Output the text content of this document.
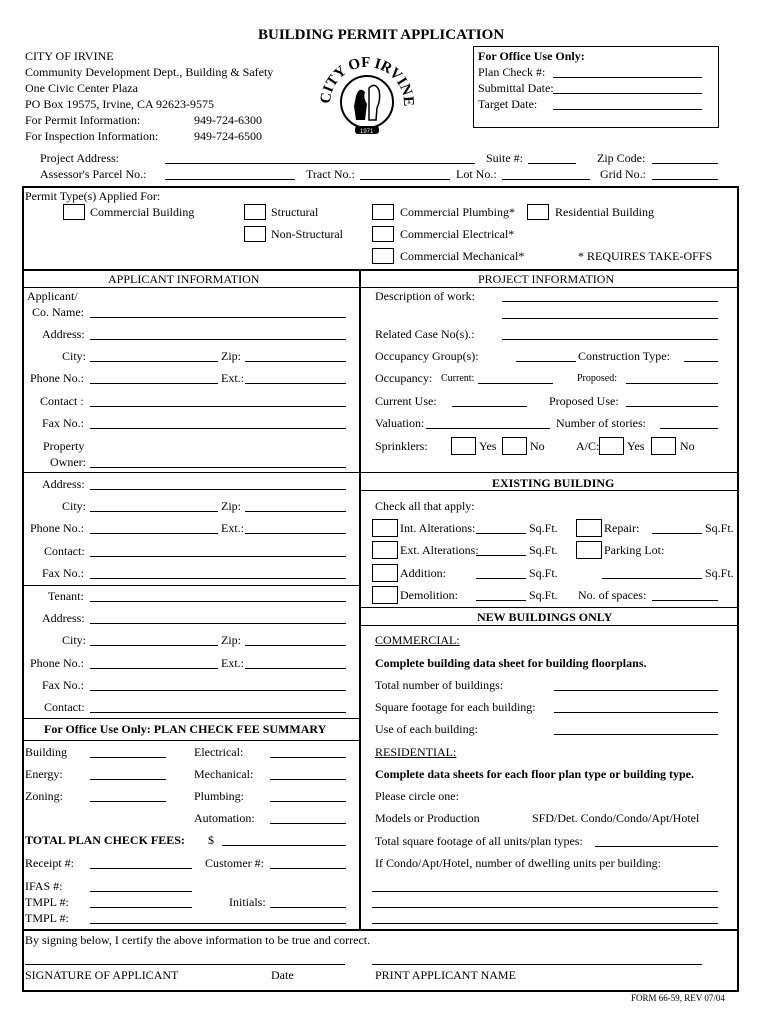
BUILDING PERMIT APPLICATION
CITY OF IRVINE
Community Development Dept., Building & Safety
One Civic Center Plaza
PO Box 19575, Irvine, CA 92623-9575
For Permit Information:	949-724-6300
For Inspection Information:	949-724-6500
CITY OF IRVINE
1971
For Office Use Only:
Plan Check #:
Submittal Date:
Target Date:
Project Address:	Suite #:	Zip Code:
Assessor's Parcel No.:	Tract No.:	Lot No.:	Grid No.:
Permit Type(s) Applied For:
Commercial Building	Structural
Non-Structural
Commercial Plumbing*	Residential Building
Commercial Electrical*
Commercial Mechanical*	* REQUIRES TAKE-OFFS
APPLICANT INFORMATION
Applicant/
Co. Name:
Address:
City:	Zip:
Phone No.:	Ext.:
Contact :
Fax No.:
Property
Owner:
Address:
City:	Zip:
Phone No.:	Ext.:
Contact:
Fax No.:
Tenant:
Address:
City:	Zip:
Phone No.:	Ext.:
Fax No.:
Contact:
For Office Use Only: PLAN CHECK FEE SUMMARY
Building	Electrical:
Energy:	Mechanical:
Zoning:	Plumbing:
Automation:
TOTAL PLAN CHECK FEES: $
Receipt #:	Customer #:
IFAS #:
TMPL #:	Initials:
TMPL #:
PROJECT INFORMATION
Description of work:
Related Case No(s).:
Occupancy Group(s):	Construction Type:
Occupancy: Current:	Proposed:
Current Use:	Proposed Use:
Valuation:	Number of stories:
Sprinklers:	Yes	No	A/C: Yes	No
EXISTING BUILDING
Check all that apply:
Int. Alterations:	Sq.Ft.	Repair:	Sq.Ft.
Ext. Alterations:	Sq.Ft.	Parking Lot:
Addition:	Sq.Ft.	Sq.Ft.
Demolition:	Sq.Ft. No. of spaces:
NEW BUILDINGS ONLY
COMMERCIAL:
Complete building data sheet for building floorplans.
Total number of buildings:
Square footage for each building:
Use of each building:
RESIDENTIAL:
Complete data sheets for each floor plan type or building type.
Please circle one:
Models or Production	SFD/Det. Condo/Condo/Apt/Hotel
Total square footage of all units/plan types:
If Condo/Apt/Hotel, number of dwelling units per building:
By signing below, I certify the above information to be true and correct.
SIGNATURE OF APPLICANT	Date	PRINT APPLICANT NAME
FORM 66-59, REV 07/04
